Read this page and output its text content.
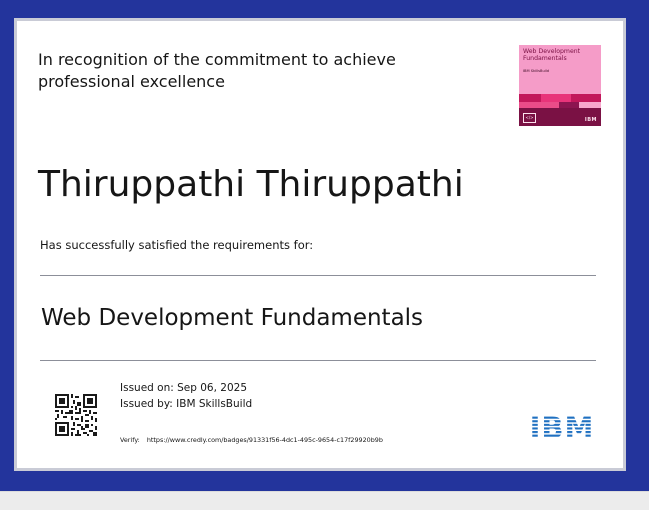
In recognition of the commitment to achieve
professional excellence
Web Development Fundamentals
IBM SkillsBuild
</>	IBM
Thiruppathi Thiruppathi
Has successfully satisfied the requirements for:
Web Development Fundamentals
Issued on: Sep 06, 2025
Issued by: IBM SkillsBuild
Verify: https://www.credly.com/badges/91331f56-4dc1-495c-9654-c17f29920b9b	IBM
